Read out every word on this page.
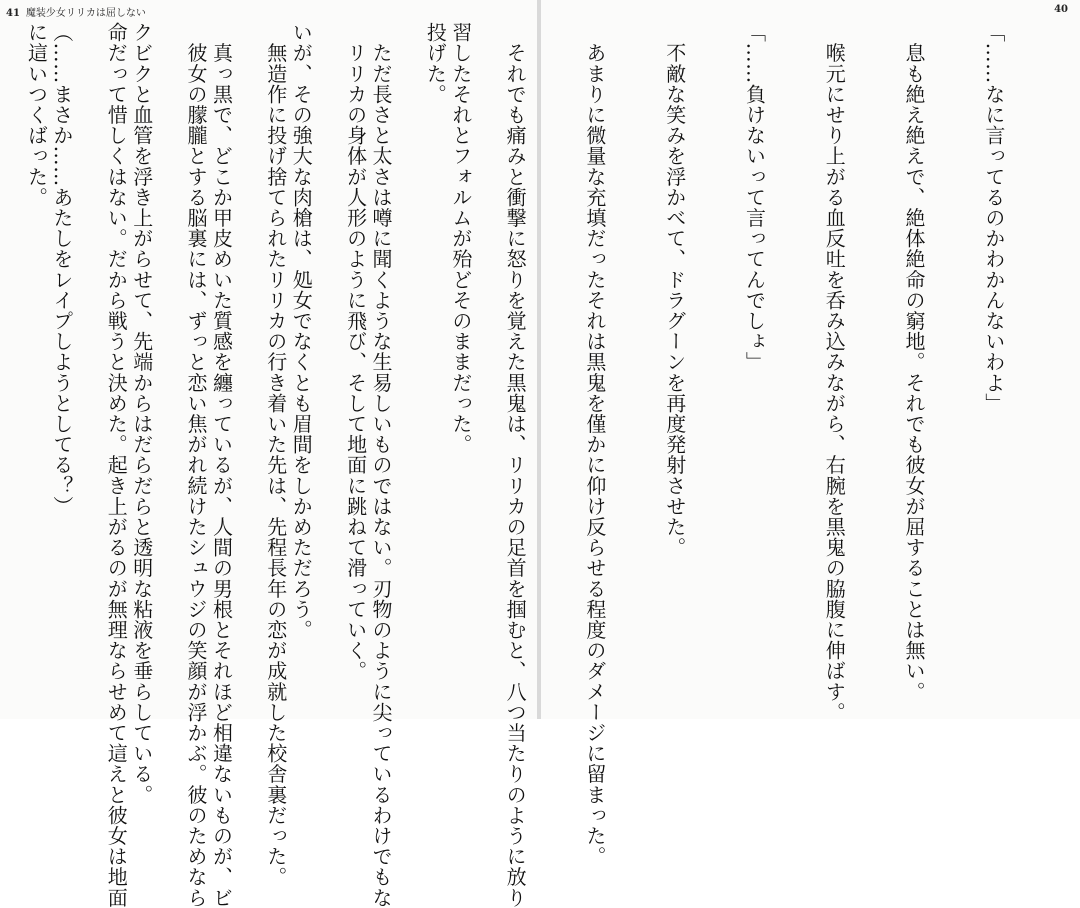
41 魔装少女リリカは屈しない

習したそれとフォルムが殆どそのままだった。

　ただ長さと太さは噂に聞くような生易しいものではない。刃物のように尖っているわけでもな

いが、その強大な肉槍は、処女でなくとも眉間をしかめただろう。

　真っ黒で、どこか甲皮めいた質感を纏っているが、人間の男根とそれほど相違ないものが、ビ

クビクと血管を浮き上がらせて、先端からはだらだらと透明な粘液を垂らしている。

（……まさか……あたしをレイプしようとしてる？）

40

「……なに言ってるのかわかんないわよ」

　息も絶え絶えで、絶体絶命の窮地。それでも彼女が屈することは無い。

　喉元にせり上がる血反吐を呑み込みながら、右腕を黒鬼の脇腹に伸ばす。

「……負けないって言ってんでしょ」

　不敵な笑みを浮かべて、ドラグーンを再度発射させた。

　あまりに微量な充填だったそれは黒鬼を僅かに仰け反らせる程度のダメージに留まった。

　それでも痛みと衝撃に怒りを覚えた黒鬼は、リリカの足首を掴むと、八つ当たりのように放り

投げた。

　リリカの身体が人形のように飛び、そして地面に跳ねて滑っていく。

　無造作に投げ捨てられたリリカの行き着いた先は、先程長年の恋が成就した校舎裏だった。

　彼女の朦朧とする脳裏には、ずっと恋い焦がれ続けたシュウジの笑顔が浮かぶ。彼のためなら

命だって惜しくはない。だから戦うと決めた。起き上がるのが無理ならせめて這えと彼女は地面

に這いつくばった。
